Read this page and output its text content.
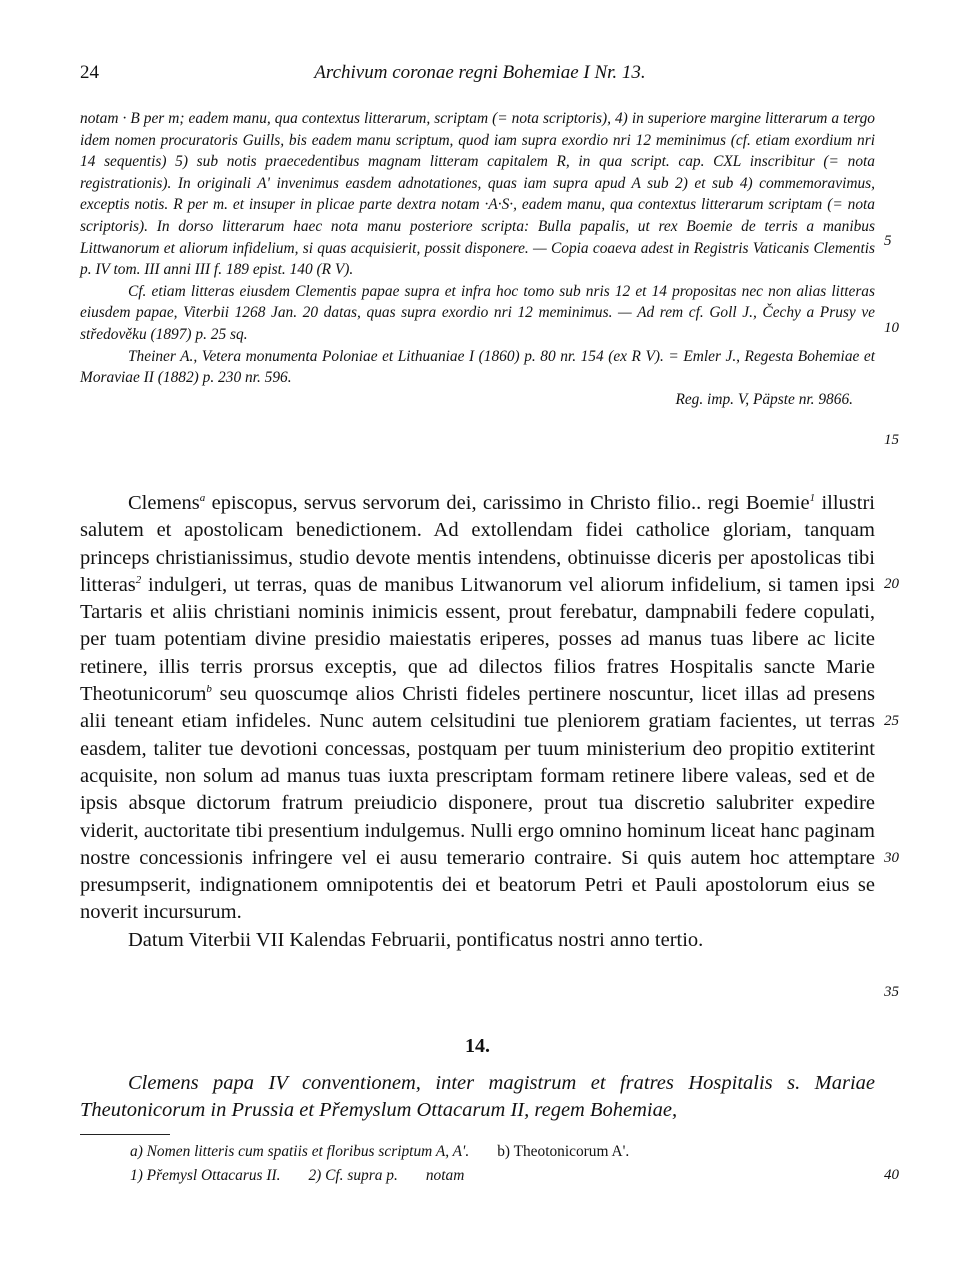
24	Archivum coronae regni Bohemiae I Nr. 13.
notam · B per m; eadem manu, qua contextus litterarum, scriptam (= nota scriptoris), 4) in superiore margine litterarum a tergo idem nomen procuratoris Guills, bis eadem manu scriptum, quod iam supra exordio nri 12 meminimus (cf. etiam exordium nri 14 sequentis) 5) sub notis praecedentibus magnam litteram capitalem R, in qua script. cap. CXL inscribitur (= nota registrationis). In originali A' invenimus easdem adnotationes, quas iam supra apud A sub 2) et sub 4) commemoravimus, exceptis notis. R per m. et insuper in plicae parte dextra notam ·A·S·, eadem manu, qua contextus litterarum scriptam (= nota scriptoris). In dorso litterarum haec nota manu posteriore scripta: Bulla papalis, ut rex Boemie de terris a manibus Littwanorum et aliorum infidelium, si quas acquisierit, possit disponere. — Copia coaeva adest in Registris Vaticanis Clementis p. IV tom. III anni III f. 189 epist. 140 (R V).
Cf. etiam litteras eiusdem Clementis papae supra et infra hoc tomo sub nris 12 et 14 propositas nec non alias litteras eiusdem papae, Viterbii 1268 Jan. 20 datas, quas supra exordio nri 12 meminimus. — Ad rem cf. Goll J., Čechy a Prusy ve středověku (1897) p. 25 sq.
Theiner A., Vetera monumenta Poloniae et Lithuaniae I (1860) p. 80 nr. 154 (ex R V). = Emler J., Regesta Bohemiae et Moraviae II (1882) p. 230 nr. 596.
Reg. imp. V, Päpste nr. 9866.
Clemens$^a$ episcopus, servus servorum dei, carissimo in Christo filio.. regi Boemie$^1$ illustri salutem et apostolicam benedictionem. Ad extollendam fidei catholice gloriam, tanquam princeps christianissimus, studio devote mentis intendens, obtinuisse diceris per apostolicas tibi litteras$^2$ indulgeri, ut terras, quas de manibus Litwanorum vel aliorum infidelium, si tamen ipsi Tartaris et aliis christiani nominis inimicis essent, prout ferebatur, dampnabili federe copulati, per tuam potentiam divine presidio maiestatis eriperes, posses ad manus tuas libere ac licite retinere, illis terris prorsus exceptis, que ad dilectos filios fratres Hospitalis sancte Marie Theotunicorum$^b$ seu quoscumqe alios Christi fideles pertinere noscuntur, licet illas ad presens alii teneant etiam infideles. Nunc autem celsitudini tue pleniorem gratiam facientes, ut terras easdem, taliter tue devotioni concessas, postquam per tuum ministerium deo propitio extiterint acquisite, non solum ad manus tuas iuxta prescriptam formam retinere libere valeas, sed et de ipsis absque dictorum fratrum preiudicio disponere, prout tua discretio salubriter expedire viderit, auctoritate tibi presentium indulgemus. Nulli ergo omnino hominum liceat hanc paginam nostre concessionis infringere vel ei ausu temerario contraire. Si quis autem hoc attemptare presumpserit, indignationem omnipotentis dei et beatorum Petri et Pauli apostolorum eius se noverit incursurum.
Datum Viterbii VII Kalendas Februarii, pontificatus nostri anno tertio.
14.
Clemens papa IV conventionem, inter magistrum et fratres Hospitalis s. Mariae Theutonicorum in Prussia et Přemyslum Ottacarum II, regem Bohemiae,
a) Nomen litteris cum spatiis et floribus scriptum A, A'. b) Theotonicorum A'.
1) Přemysl Ottacarus II. 2) Cf. supra p. notam
5
10
15
20
25
30
35
40
